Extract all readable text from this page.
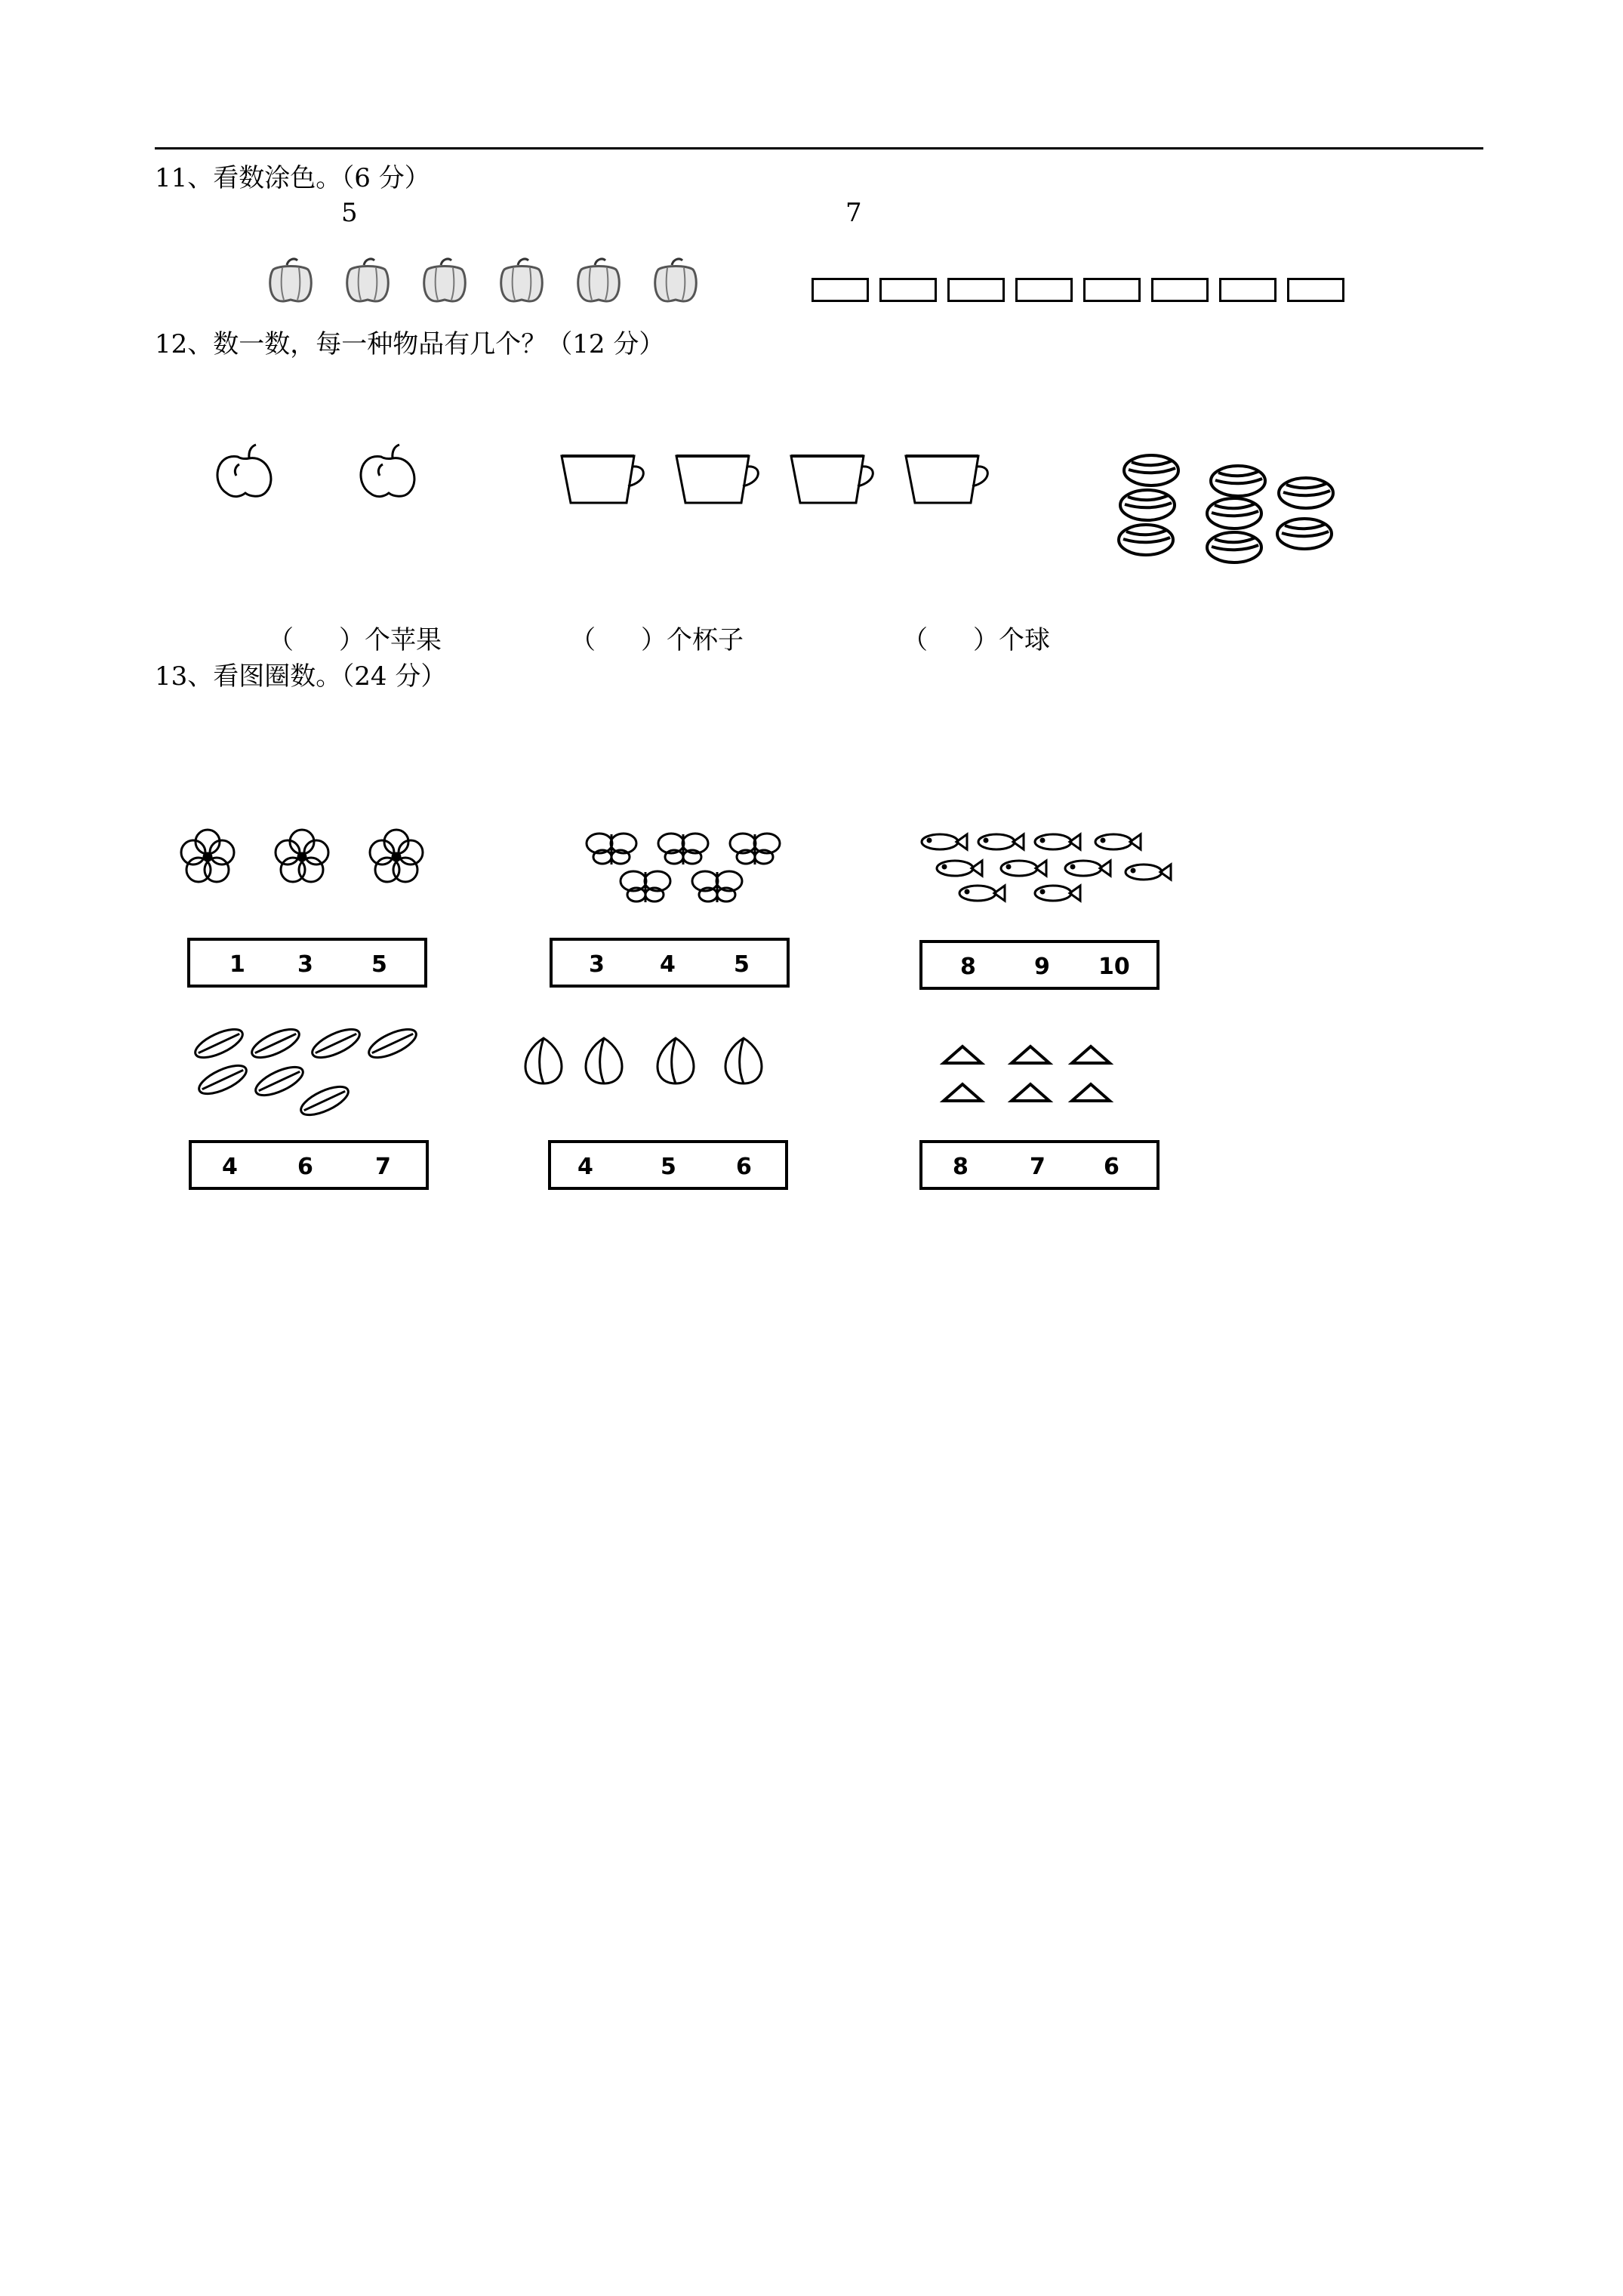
11、看数涂色。（6 分）
5	7
12、数一数，每一种物品有几个？（12 分）
（ ）个苹果	（ ）个杯子	（ ）个球
13、看图圈数。（24 分）
1 3	5	3 4	5	8	9 10
4	6	7	4	5	6	8	7	6
